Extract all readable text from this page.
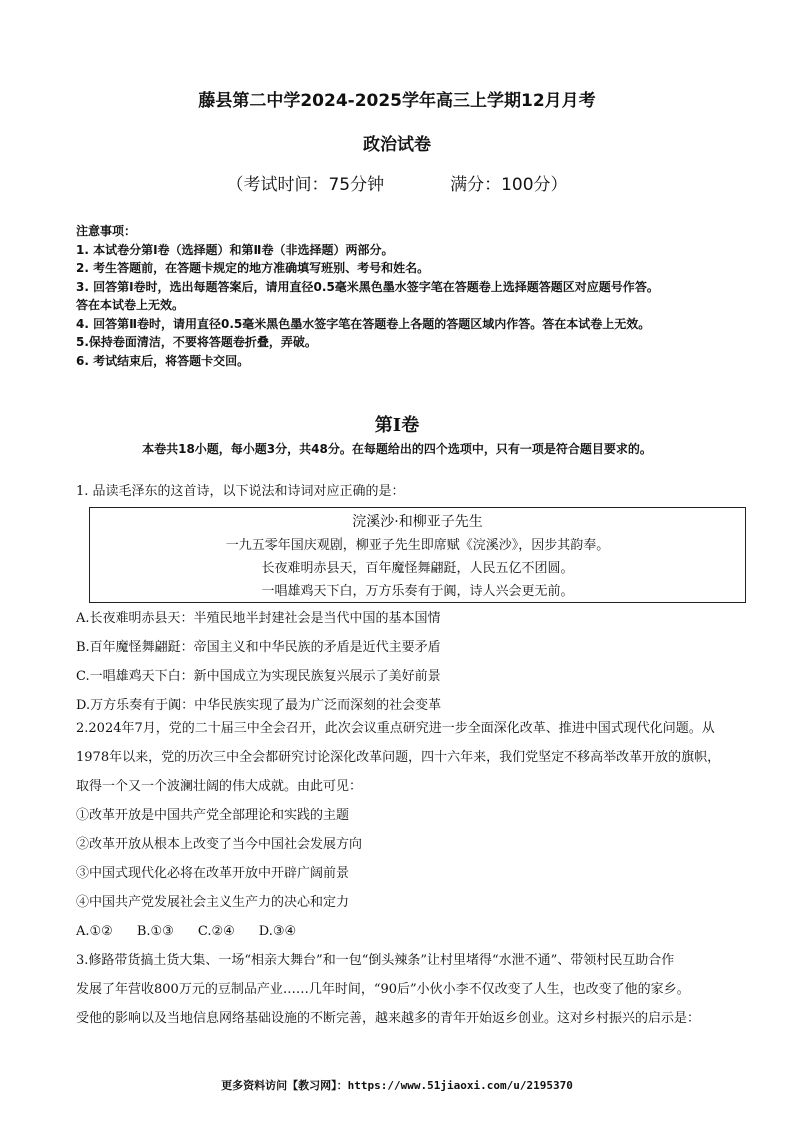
藤县第二中学2024-2025学年高三上学期12月月考
政治试卷
（考试时间：75分钟	满分：100分）
注意事项：
1. 本试卷分第Ⅰ卷（选择题）和第Ⅱ卷（非选择题）两部分。
2. 考生答题前，在答题卡规定的地方准确填写班别、考号和姓名。
3. 回答第Ⅰ卷时，选出每题答案后，请用直径0.5毫米黑色墨水签字笔在答题卷上选择题答题区对应题号作答。
答在本试卷上无效。
4. 回答第Ⅱ卷时，请用直径0.5毫米黑色墨水签字笔在答题卷上各题的答题区域内作答。答在本试卷上无效。
5.保持卷面清洁，不要将答题卷折叠，弄破。
6. 考试结束后，将答题卡交回。
第Ⅰ卷
本卷共18小题，每小题3分，共48分。在每题给出的四个选项中，只有一项是符合题目要求的。
1. 品读毛泽东的这首诗，以下说法和诗词对应正确的是：
浣溪沙·和柳亚子先生
一九五零年国庆观剧，柳亚子先生即席赋《浣溪沙》，因步其韵奉。
长夜难明赤县天，百年魔怪舞翩跹，人民五亿不团圆。
一唱雄鸡天下白，万方乐奏有于阗，诗人兴会更无前。
A.长夜难明赤县天：半殖民地半封建社会是当代中国的基本国情
B.百年魔怪舞翩跹：帝国主义和中华民族的矛盾是近代主要矛盾
C.一唱雄鸡天下白：新中国成立为实现民族复兴展示了美好前景
D.万方乐奏有于阗：中华民族实现了最为广泛而深刻的社会变革
2.2024年7月，党的二十届三中全会召开，此次会议重点研究进一步全面深化改革、推进中国式现代化问题。从
1978年以来，党的历次三中全会都研究讨论深化改革问题，四十六年来，我们党坚定不移高举改革开放的旗帜，
取得一个又一个波澜壮阔的伟大成就。由此可见：
①改革开放是中国共产党全部理论和实践的主题
②改革开放从根本上改变了当今中国社会发展方向
③中国式现代化必将在改革开放中开辟广阔前景
④中国共产党发展社会主义生产力的决心和定力
A.①② B.①③ C.②④ D.③④
3.修路带货搞土货大集、一场“相亲大舞台”和一包“倒头辣条”让村里堵得“水泄不通”、带领村民互助合作
发展了年营收800万元的豆制品产业……几年时间，“90后”小伙小李不仅改变了人生，也改变了他的家乡。
受他的影响以及当地信息网络基础设施的不断完善，越来越多的青年开始返乡创业。这对乡村振兴的启示是：
更多资料访问【教习网】：https://www.51jiaoxi.com/u/2195370
